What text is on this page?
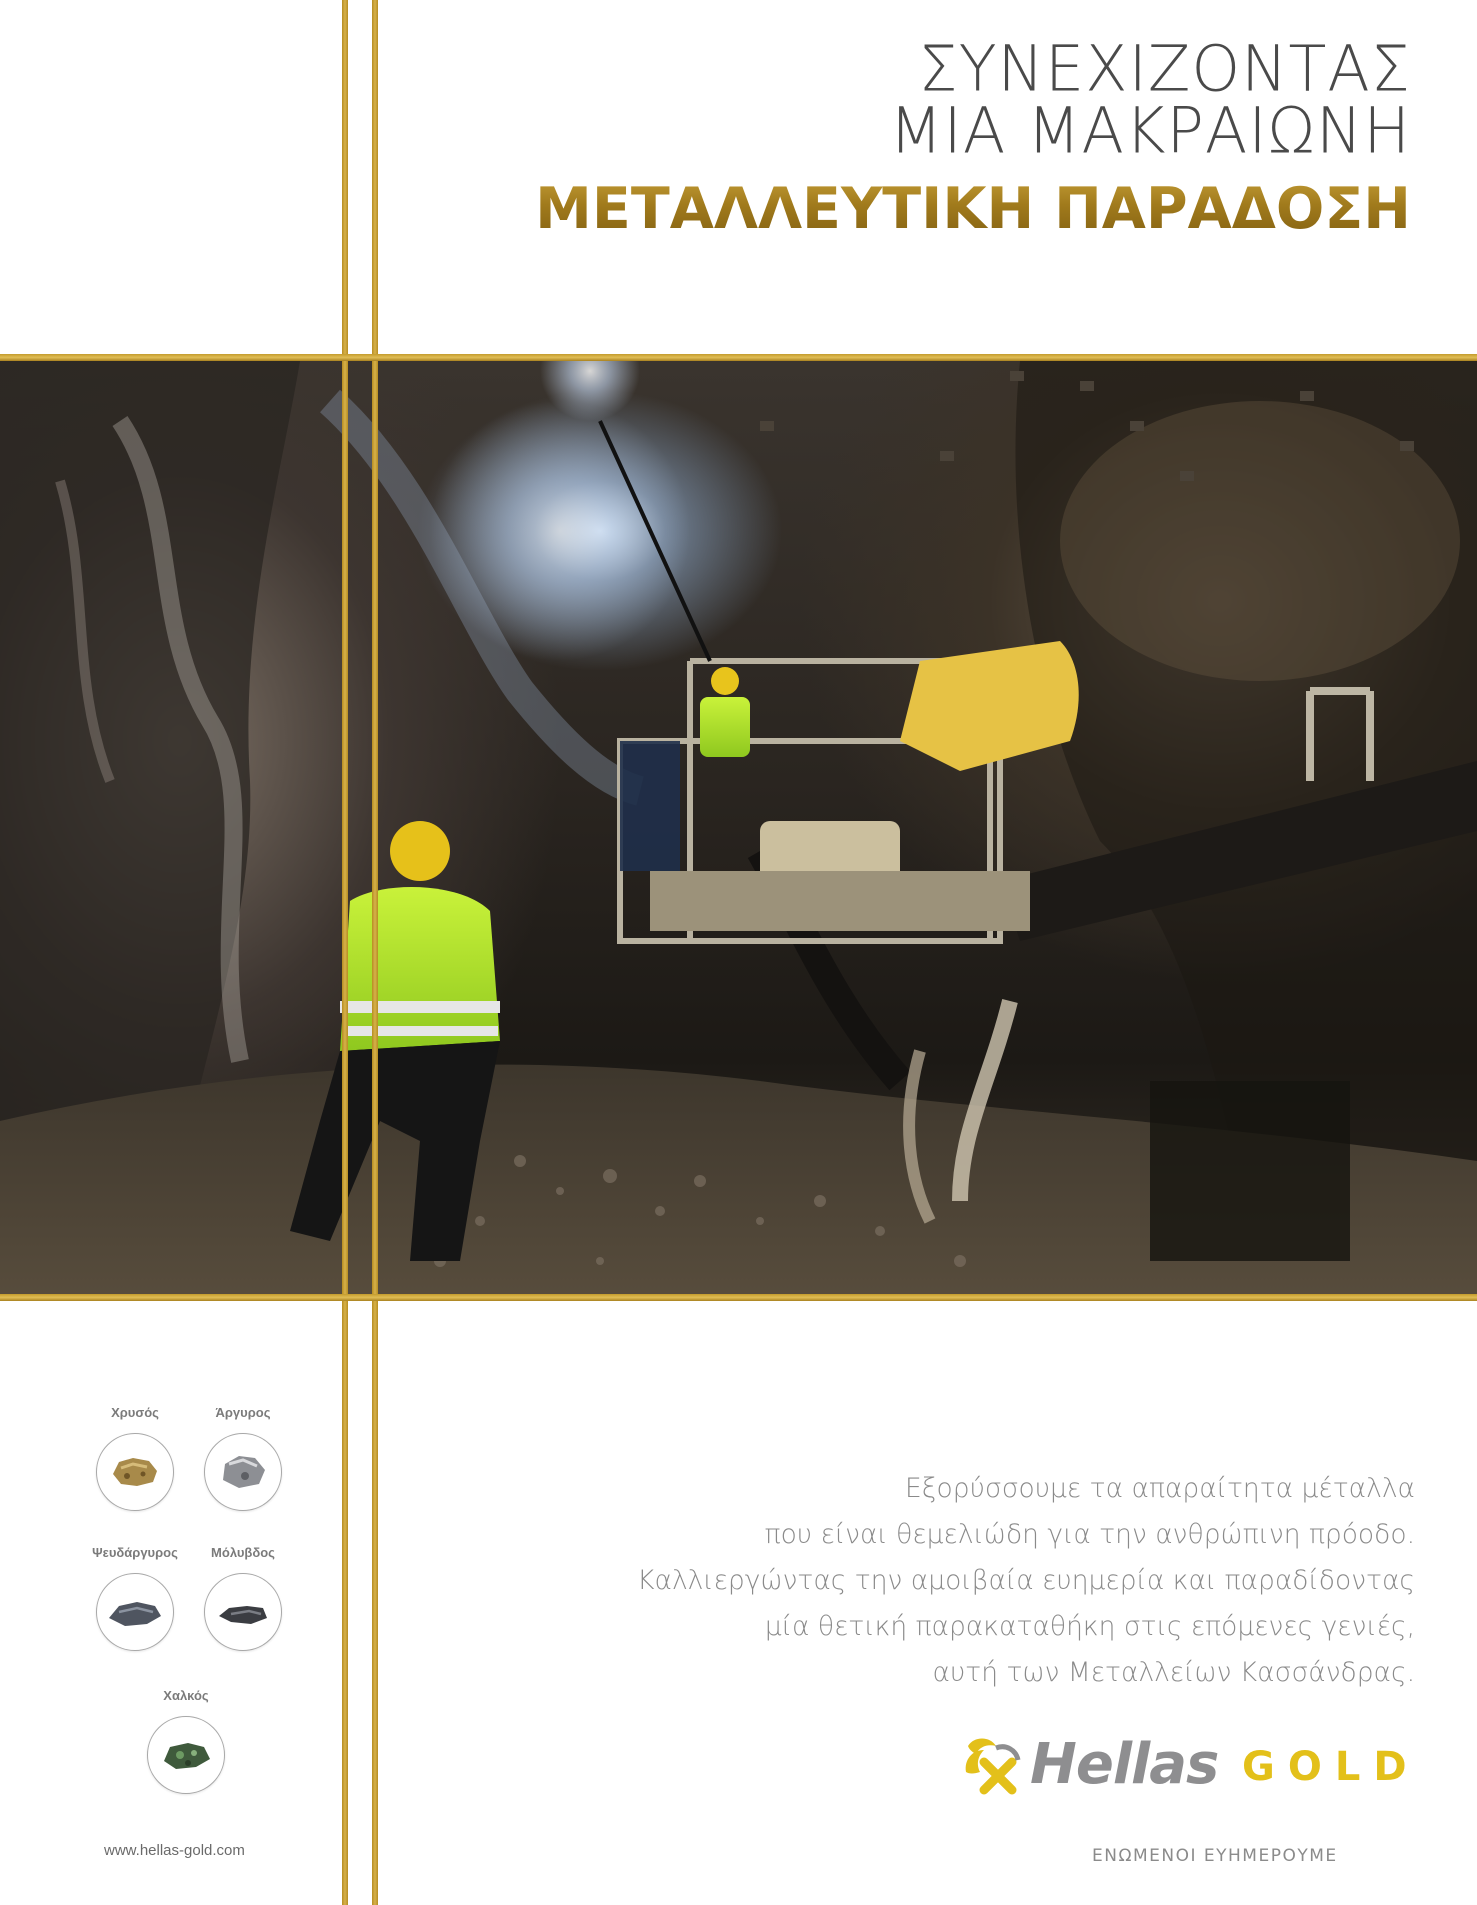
ΣΥΝΕΧΙΖΟΝΤΑΣ
ΜΙΑ ΜΑΚΡΑΙΩΝΗ
ΜΕΤΑΛΛΕΥΤΙΚΗ ΠΑΡΑΔΟΣΗ
Χρυσός	Άργυρος
Ψευδάργυρος	Μόλυβδος
Χαλκός
www.hellas-gold.com
Εξορύσσουμε τα απαραίτητα μέταλλα
που είναι θεμελιώδη για την ανθρώπινη πρόοδο.
Καλλιεργώντας την αμοιβαία ευημερία και παραδίδοντας
μία θετική παρακαταθήκη στις επόμενες γενιές,
αυτή των Μεταλλείων Κασσάνδρας.
Hellas GOLD
ΕΝΩΜΕΝΟΙ ΕΥΗΜΕΡΟΥΜΕ
